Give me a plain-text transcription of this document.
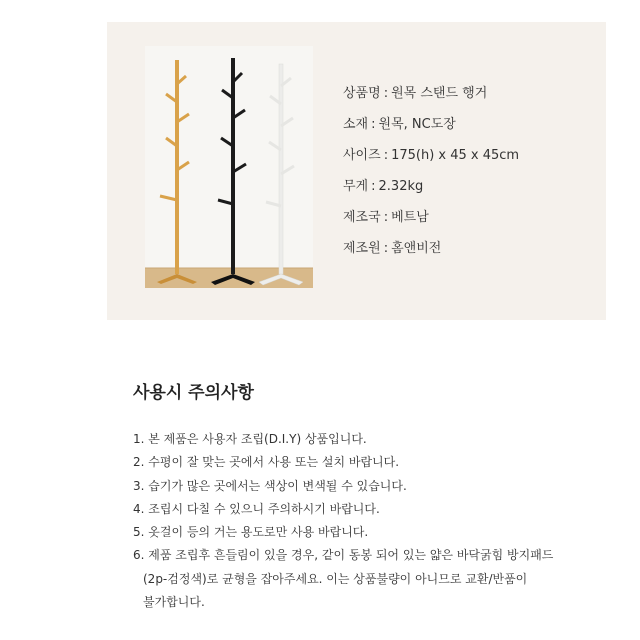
상품명 : 원목 스탠드 행거
소재 : 원목, NC도장
사이즈 : 175(h) x 45 x 45cm
무게 : 2.32kg
제조국 : 베트남
제조원 : 홈앤비전
사용시 주의사항
1. 본 제품은 사용자 조립(D.I.Y) 상품입니다.
2. 수평이 잘 맞는 곳에서 사용 또는 설치 바랍니다.
3. 습기가 많은 곳에서는 색상이 변색될 수 있습니다.
4. 조립시 다칠 수 있으니 주의하시기 바랍니다.
5. 옷걸이 등의 거는 용도로만 사용 바랍니다.
6. 제품 조립후 흔들림이 있을 경우, 같이 동봉 되어 있는 얇은 바닥굵힘 방지패드
(2p-검정색)로 균형을 잡아주세요. 이는 상품불량이 아니므로 교환/반품이
불가합니다.
